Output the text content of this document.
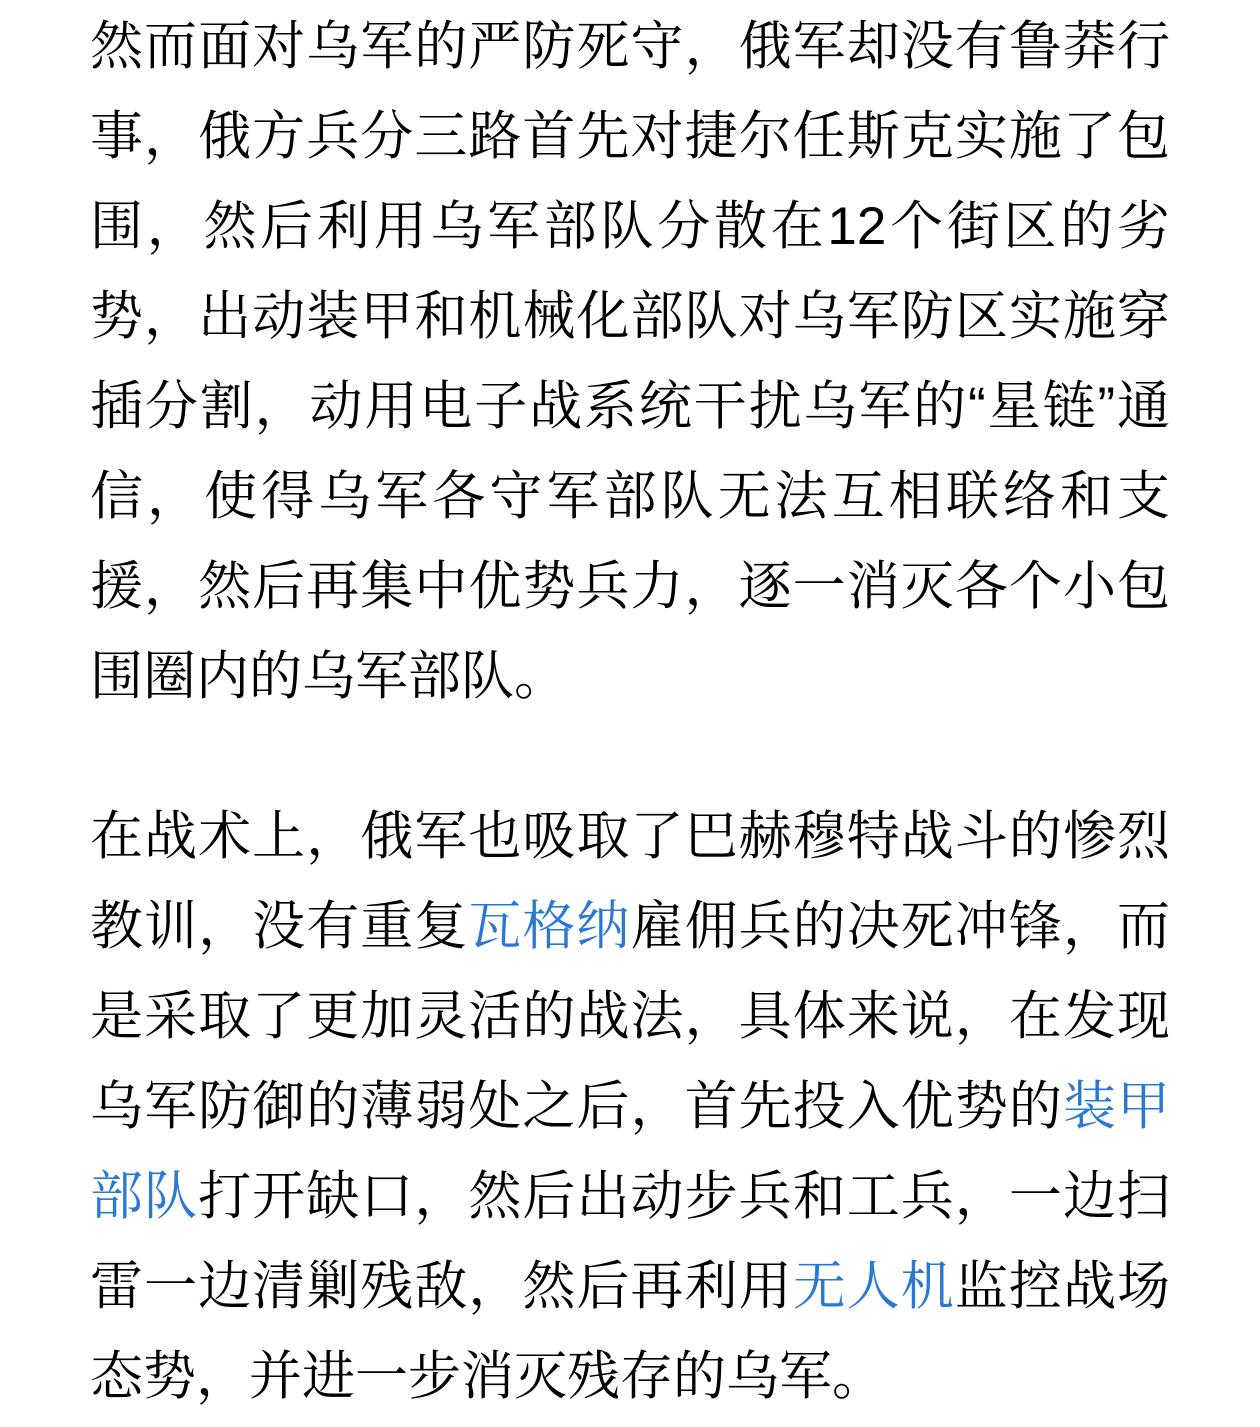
然而面对乌军的严防死守，俄军却没有鲁莽行事，俄方兵分三路首先对捷尔任斯克实施了包围，然后利用乌军部队分散在12个街区的劣势，出动装甲和机械化部队对乌军防区实施穿插分割，动用电子战系统干扰乌军的“星链”通信，使得乌军各守军部队无法互相联络和支援，然后再集中优势兵力，逐一消灭各个小包围圈内的乌军部队。

在战术上，俄军也吸取了巴赫穆特战斗的惨烈教训，没有重复瓦格纳雇佣兵的决死冲锋，而是采取了更加灵活的战法，具体来说，在发现乌军防御的薄弱处之后，首先投入优势的装甲部队打开缺口，然后出动步兵和工兵，一边扫雷一边清剿残敌，然后再利用无人机监控战场态势，并进一步消灭残存的乌军。
